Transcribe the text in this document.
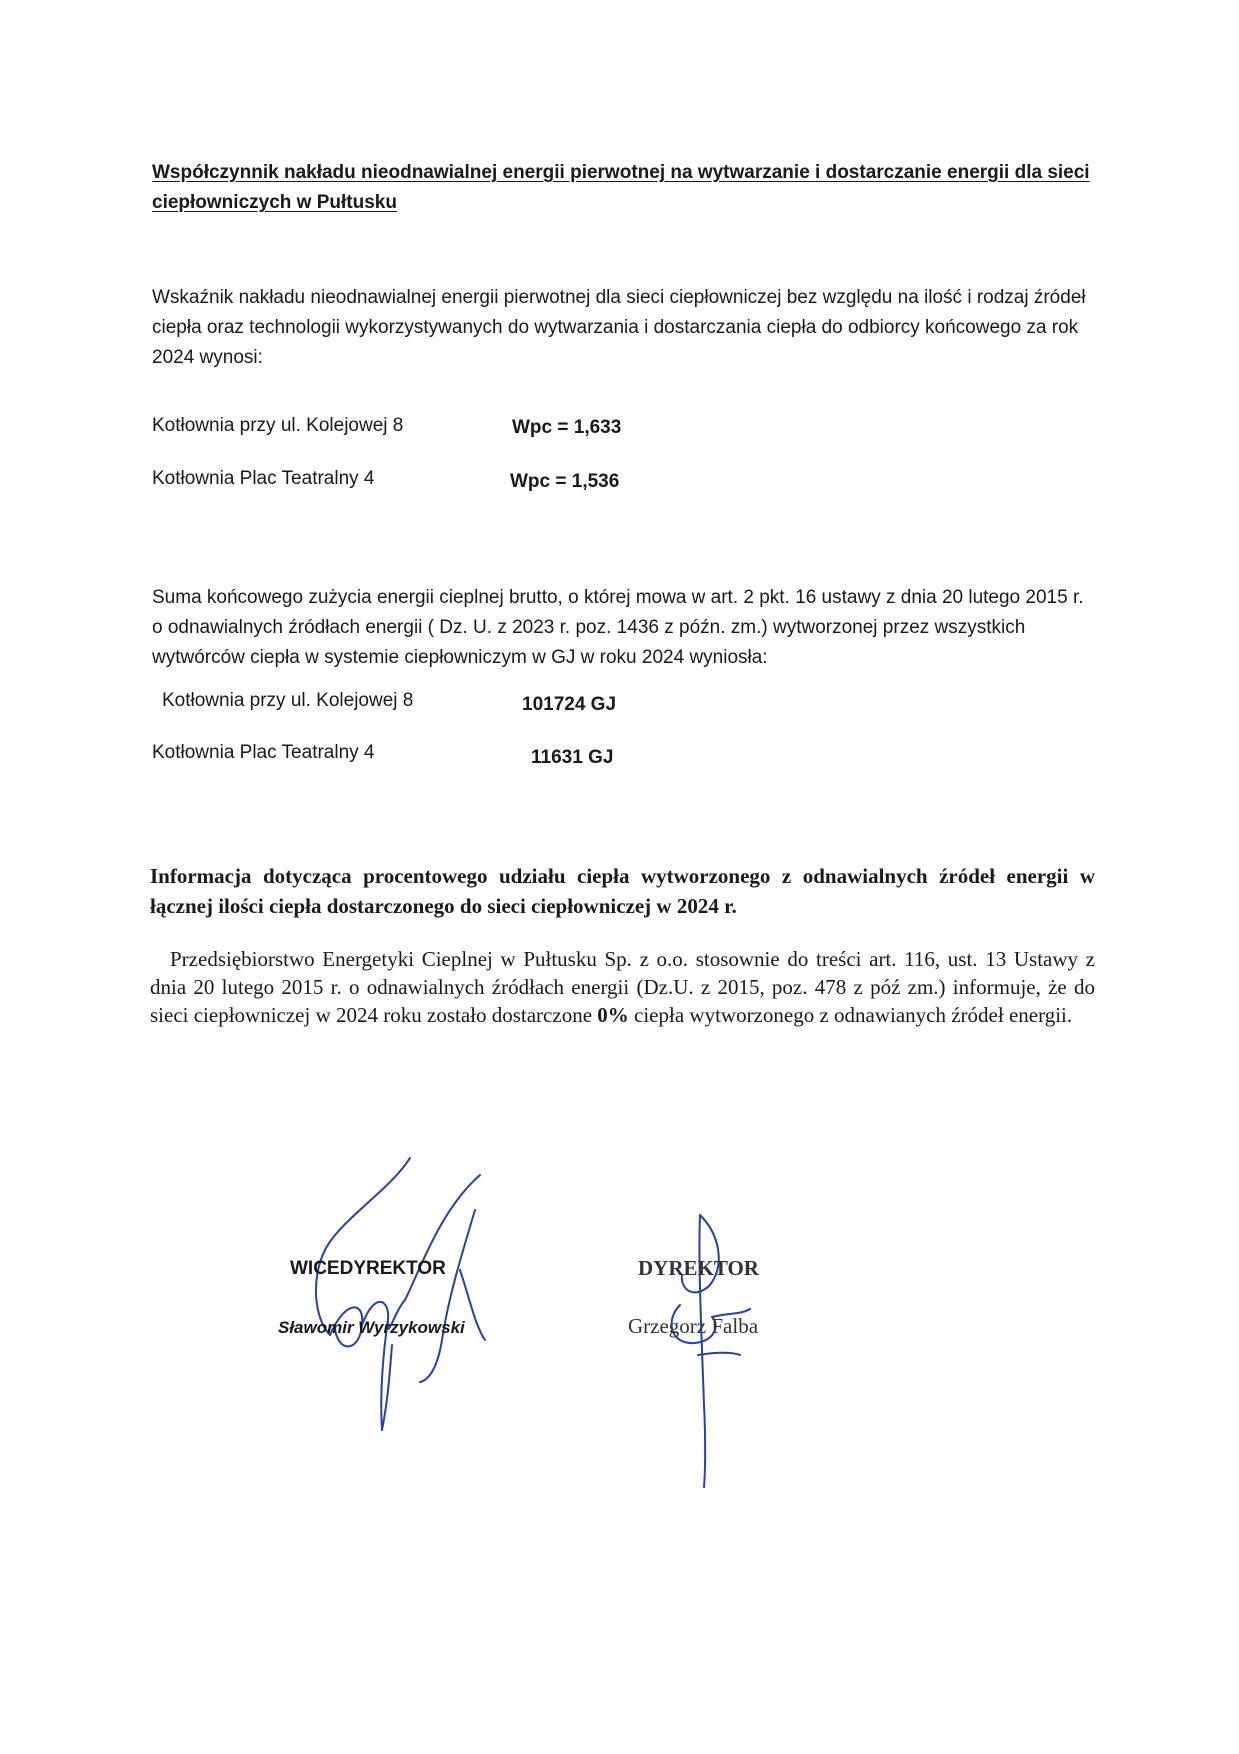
Współczynnik nakładu nieodnawialnej energii pierwotnej na wytwarzanie i dostarczanie energii dla sieci ciepłowniczych w Pułtusku
Wskaźnik nakładu nieodnawialnej energii pierwotnej dla sieci ciepłowniczej bez względu na ilość i rodzaj źródeł ciepła oraz technologii wykorzystywanych do wytwarzania i dostarczania ciepła do odbiorcy końcowego za rok 2024 wynosi:
Kotłownia przy ul. Kolejowej 8	Wpc = 1,633
Kotłownia Plac Teatralny 4	Wpc = 1,536
Suma końcowego zużycia energii cieplnej brutto, o której mowa w art. 2 pkt. 16 ustawy z dnia 20 lutego 2015 r. o odnawialnych źródłach energii ( Dz. U. z 2023 r. poz. 1436 z późn. zm.) wytworzonej przez wszystkich wytwórców ciepła w systemie ciepłowniczym w GJ w roku 2024 wyniosła:
Kotłownia przy ul. Kolejowej 8	101724 GJ
Kotłownia Plac Teatralny 4	11631 GJ
Informacja dotycząca procentowego udziału ciepła wytworzonego z odnawialnych źródeł energii w łącznej ilości ciepła dostarczonego do sieci ciepłowniczej w 2024 r.
Przedsiębiorstwo Energetyki Cieplnej w Pułtusku Sp. z o.o. stosownie do treści art. 116, ust. 13 Ustawy z dnia 20 lutego 2015 r. o odnawialnych źródłach energii (Dz.U. z 2015, poz. 478 z póź zm.) informuje, że do sieci ciepłowniczej w 2024 roku zostało dostarczone 0% ciepła wytworzonego z odnawianych źródeł energii.
WICEDYREKTOR
Sławomir Wyrzykowski
DYREKTOR
Grzegorz Falba
